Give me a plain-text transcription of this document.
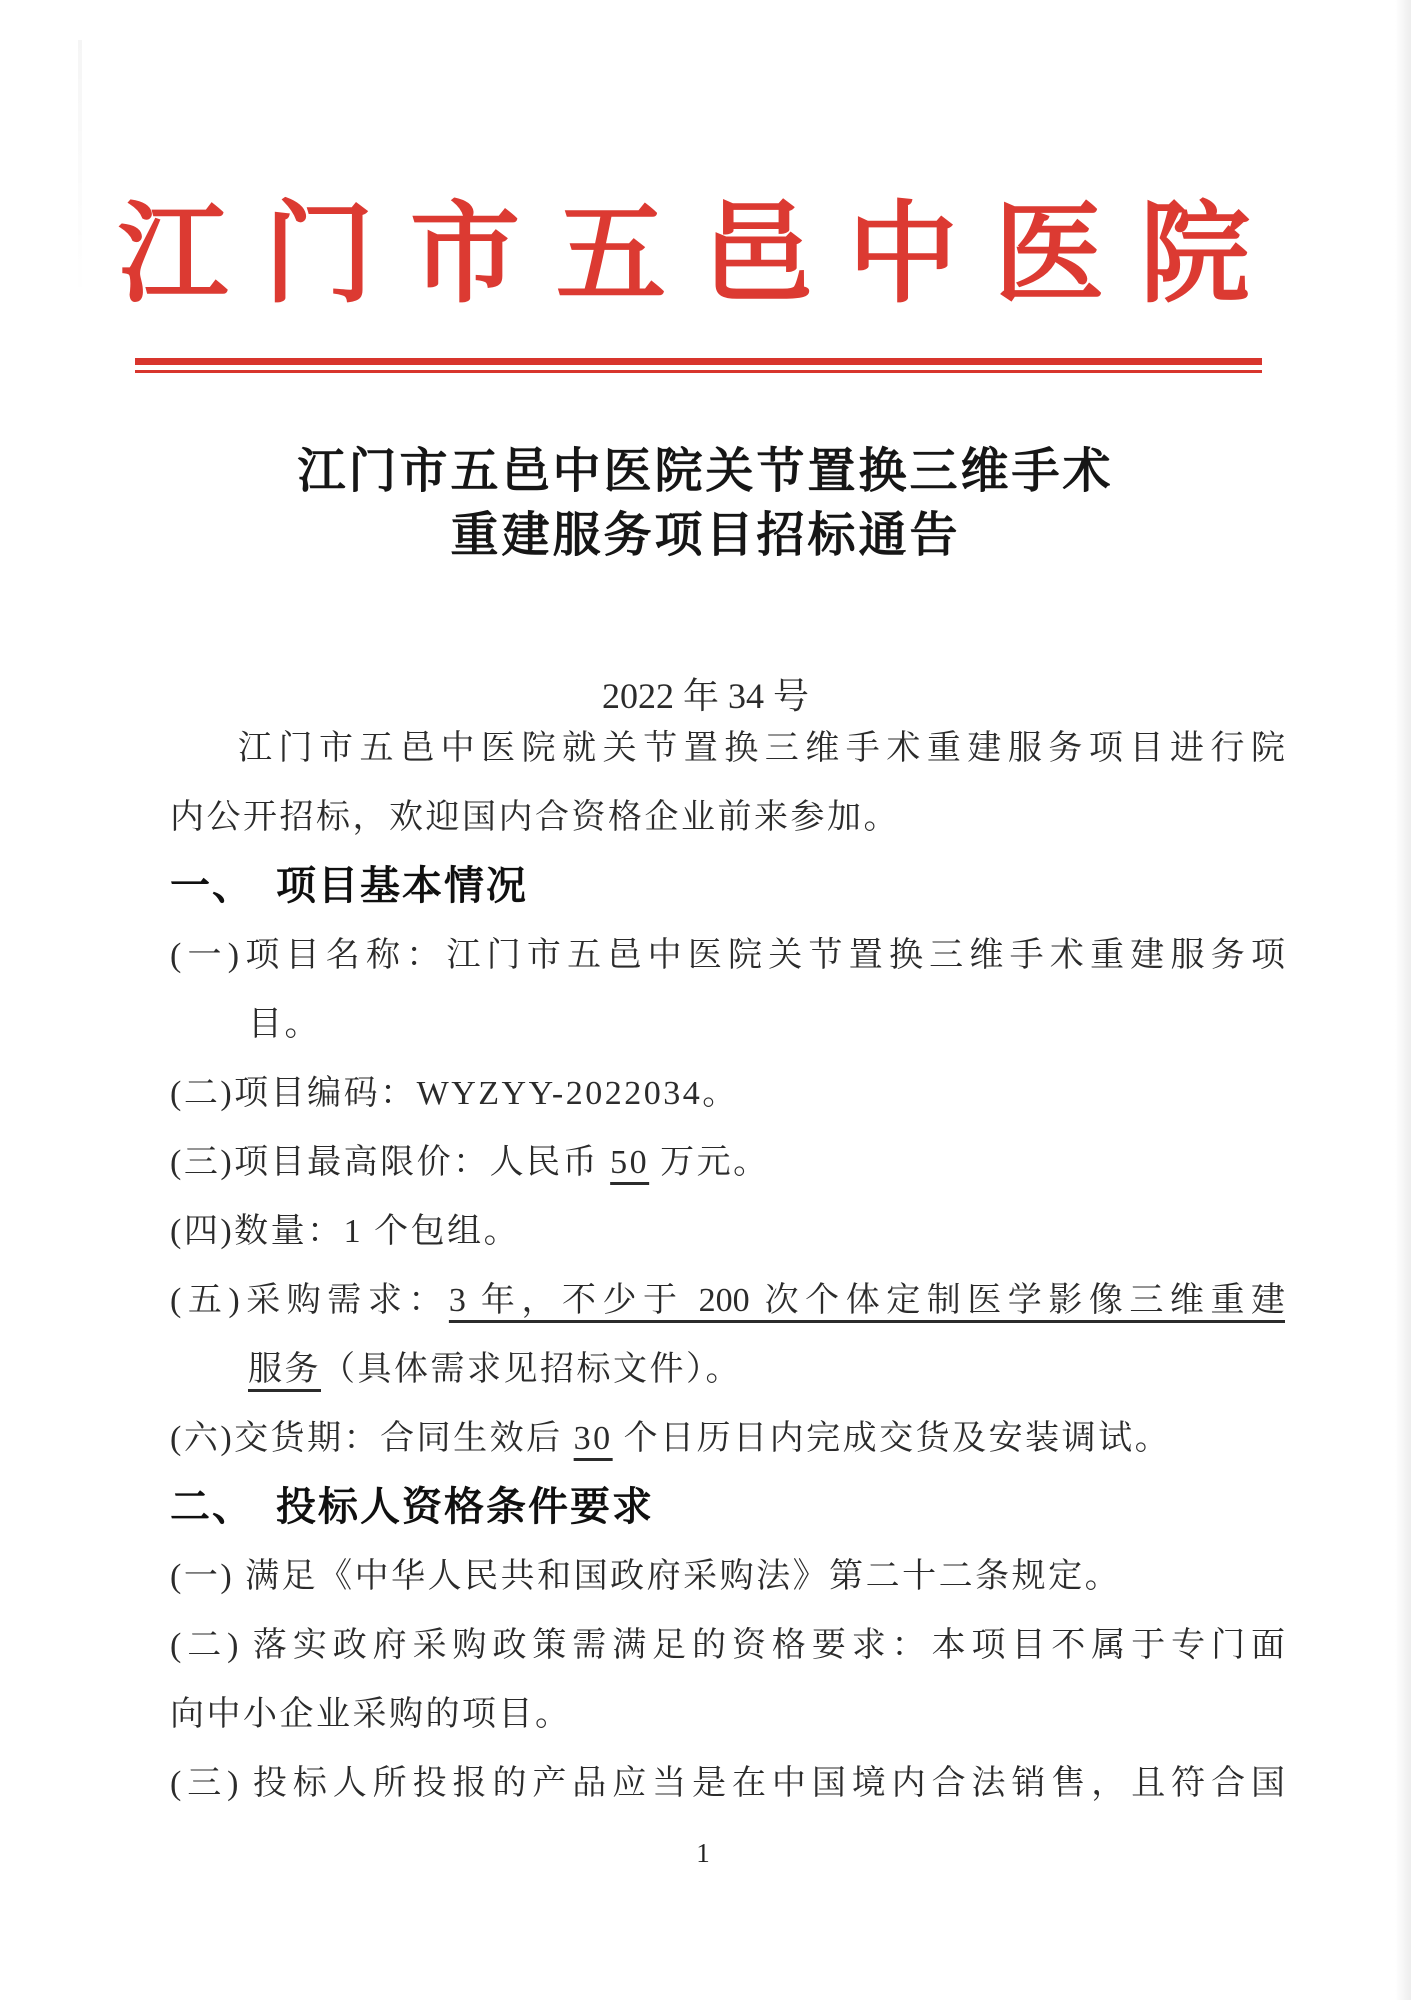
江门市五邑中医院
江门市五邑中医院关节置换三维手术
重建服务项目招标通告
2022 年 34 号
江门市五邑中医院就关节置换三维手术重建服务项目进行院
内公开招标，欢迎国内合资格企业前来参加。
一、　项目基本情况
(一)项目名称：江门市五邑中医院关节置换三维手术重建服务项
目。
(二)项目编码：WYZYY-2022034。
(三)项目最高限价：人民币 50 万元。
(四)数量：1 个包组。
(五)采购需求：3 年，不少于 200 次个体定制医学影像三维重建
服务（具体需求见招标文件）。
(六)交货期：合同生效后 30 个日历日内完成交货及安装调试。
二、　投标人资格条件要求
(一) 满足《中华人民共和国政府采购法》第二十二条规定。
(二) 落实政府采购政策需满足的资格要求：本项目不属于专门面
向中小企业采购的项目。
(三) 投标人所投报的产品应当是在中国境内合法销售，且符合国
1
